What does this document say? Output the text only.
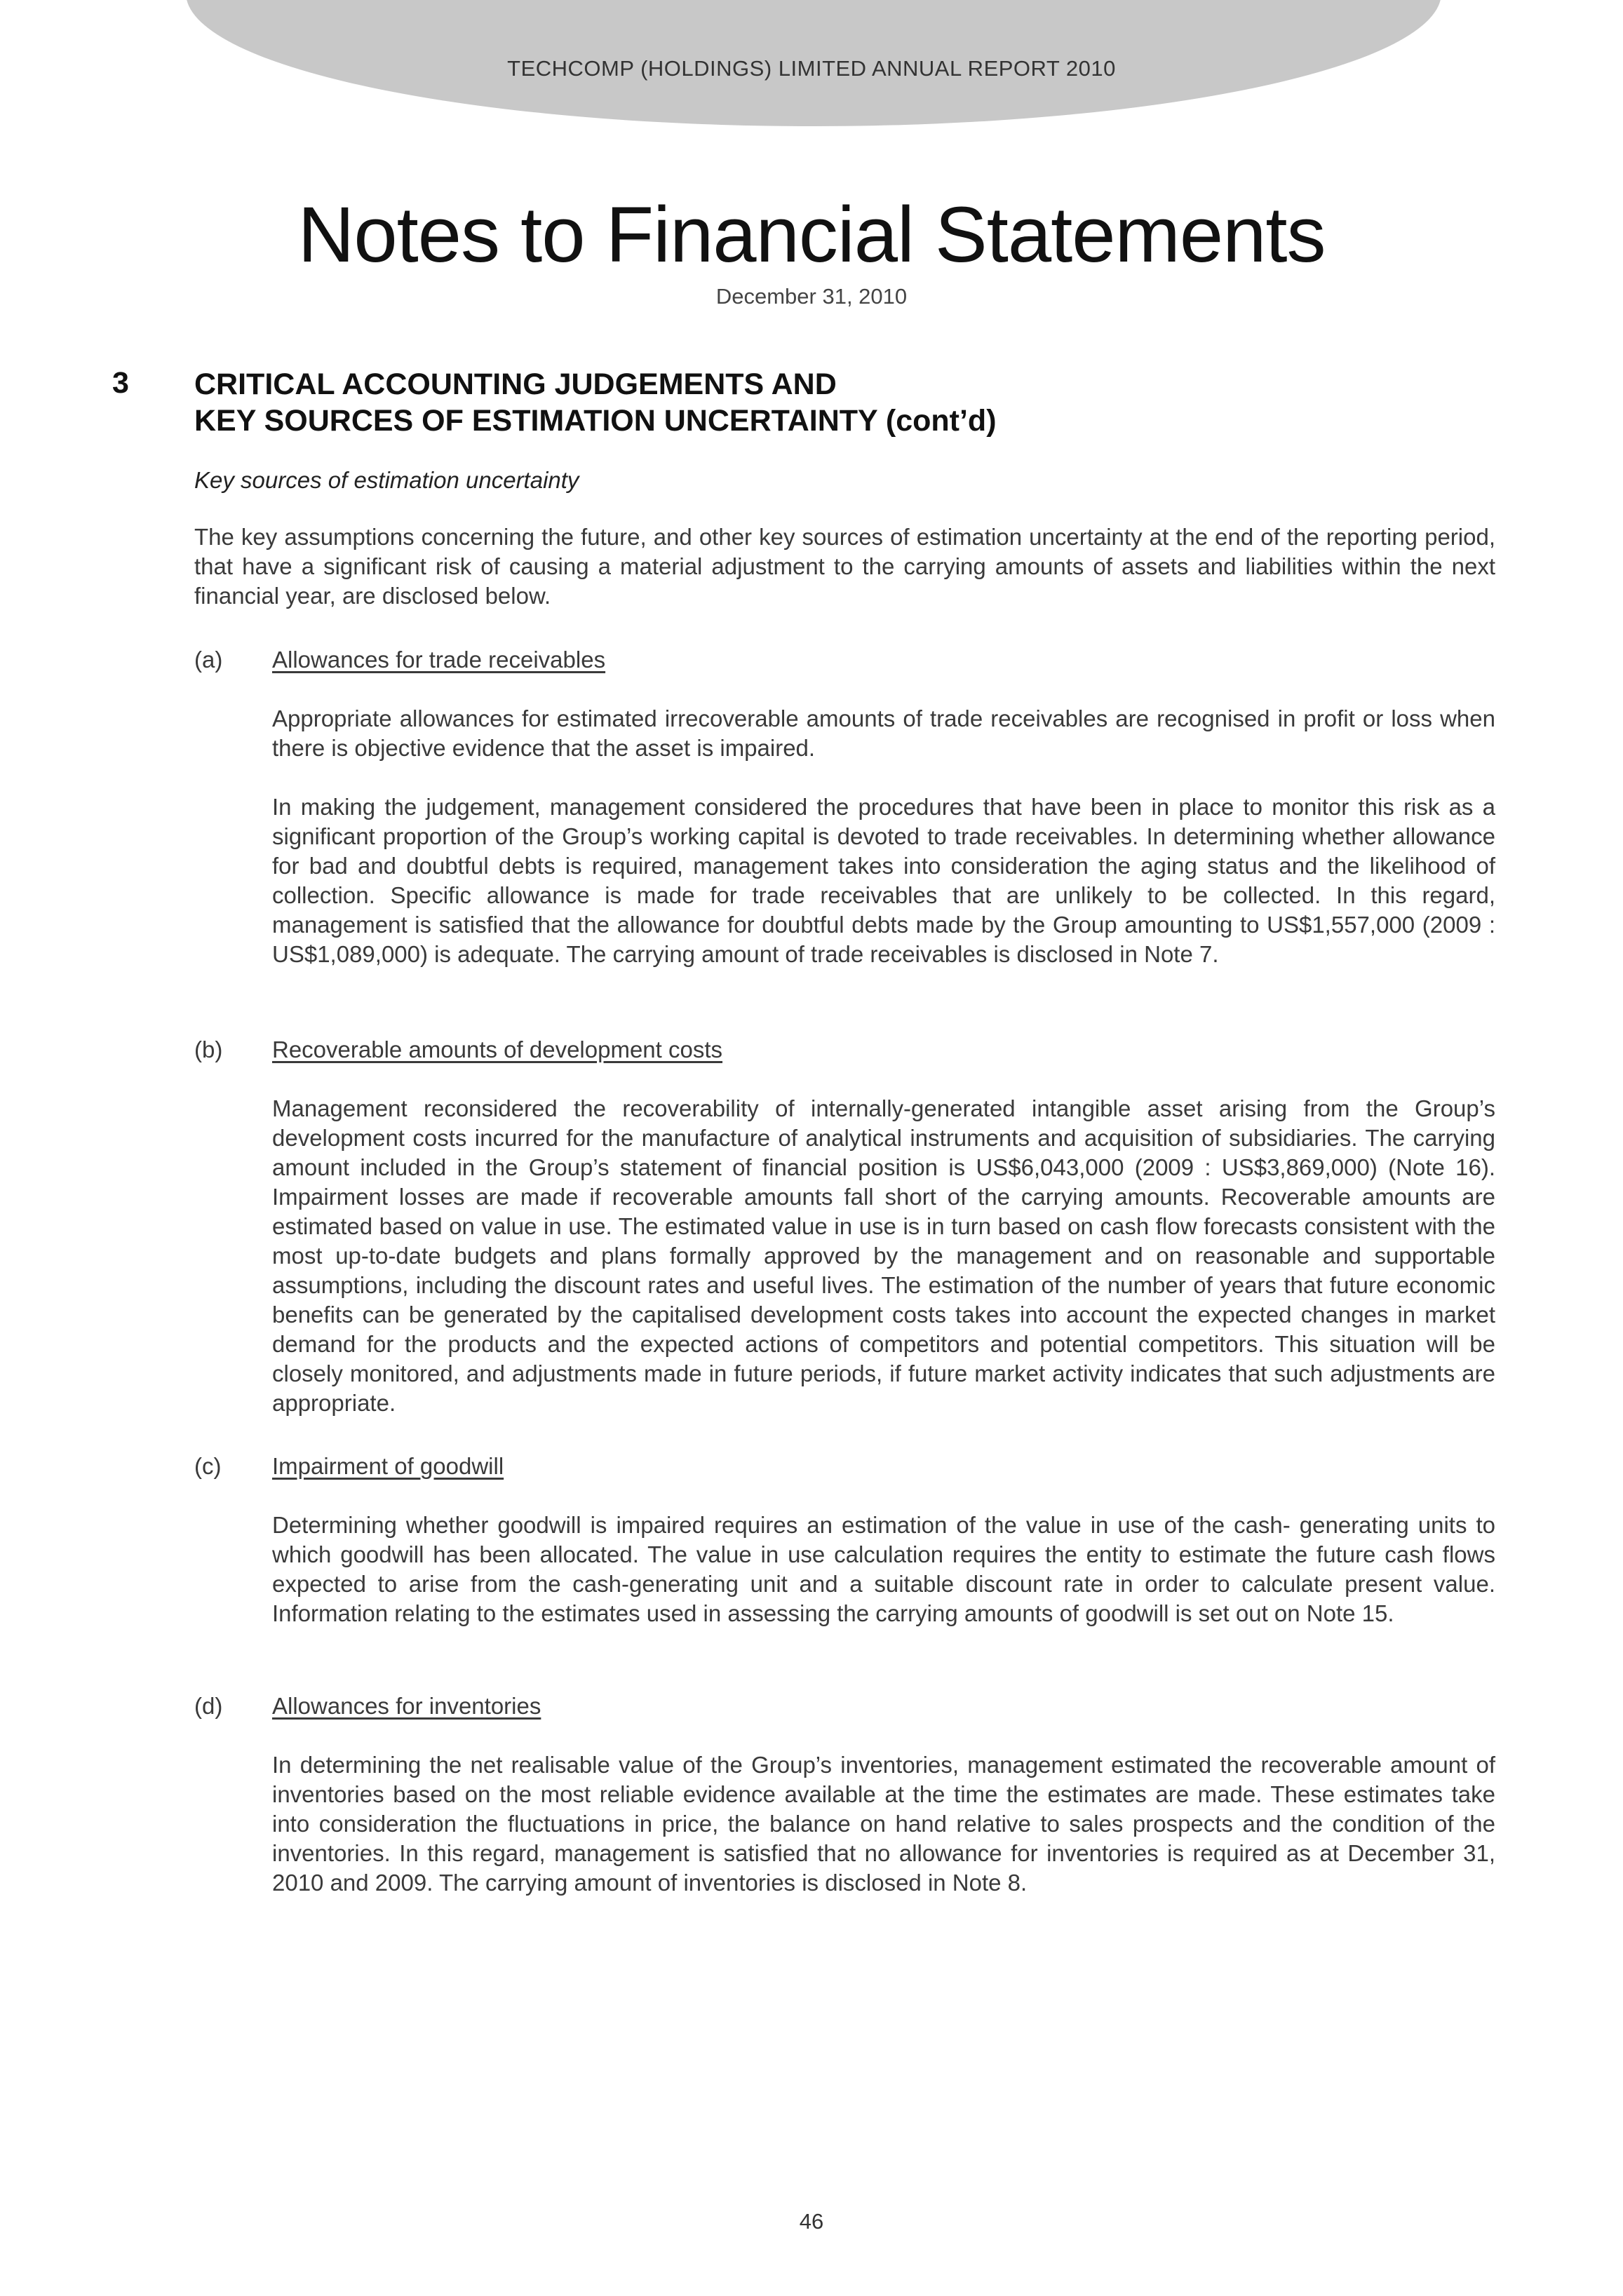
TECHCOMP (HOLDINGS) LIMITED ANNUAL REPORT 2010
Notes to Financial Statements
December 31, 2010
3 CRITICAL ACCOUNTING JUDGEMENTS AND
KEY SOURCES OF ESTIMATION UNCERTAINTY (cont’d)
Key sources of estimation uncertainty
The key assumptions concerning the future, and other key sources of estimation uncertainty at the end of the reporting period, that have a significant risk of causing a material adjustment to the carrying amounts of assets and liabilities within the next financial year, are disclosed below.
(a) Allowances for trade receivables
Appropriate allowances for estimated irrecoverable amounts of trade receivables are recognised in profit or loss when there is objective evidence that the asset is impaired.
In making the judgement, management considered the procedures that have been in place to monitor this risk as a significant proportion of the Group’s working capital is devoted to trade receivables. In determining whether allowance for bad and doubtful debts is required, management takes into consideration the aging status and the likelihood of collection. Specific allowance is made for trade receivables that are unlikely to be collected. In this regard, management is satisfied that the allowance for doubtful debts made by the Group amounting to US$1,557,000 (2009 : US$1,089,000) is adequate. The carrying amount of trade receivables is disclosed in Note 7.
(b) Recoverable amounts of development costs
Management reconsidered the recoverability of internally-generated intangible asset arising from the Group’s development costs incurred for the manufacture of analytical instruments and acquisition of subsidiaries. The carrying amount included in the Group’s statement of financial position is US$6,043,000 (2009 : US$3,869,000) (Note 16). Impairment losses are made if recoverable amounts fall short of the carrying amounts. Recoverable amounts are estimated based on value in use. The estimated value in use is in turn based on cash flow forecasts consistent with the most up-to-date budgets and plans formally approved by the management and on reasonable and supportable assumptions, including the discount rates and useful lives. The estimation of the number of years that future economic benefits can be generated by the capitalised development costs takes into account the expected changes in market demand for the products and the expected actions of competitors and potential competitors. This situation will be closely monitored, and adjustments made in future periods, if future market activity indicates that such adjustments are appropriate.
(c) Impairment of goodwill
Determining whether goodwill is impaired requires an estimation of the value in use of the cash- generating units to which goodwill has been allocated. The value in use calculation requires the entity to estimate the future cash flows expected to arise from the cash-generating unit and a suitable discount rate in order to calculate present value. Information relating to the estimates used in assessing the carrying amounts of goodwill is set out on Note 15.
(d) Allowances for inventories
In determining the net realisable value of the Group’s inventories, management estimated the recoverable amount of inventories based on the most reliable evidence available at the time the estimates are made. These estimates take into consideration the fluctuations in price, the balance on hand relative to sales prospects and the condition of the inventories. In this regard, management is satisfied that no allowance for inventories is required as at December 31, 2010 and 2009. The carrying amount of inventories is disclosed in Note 8.
46
